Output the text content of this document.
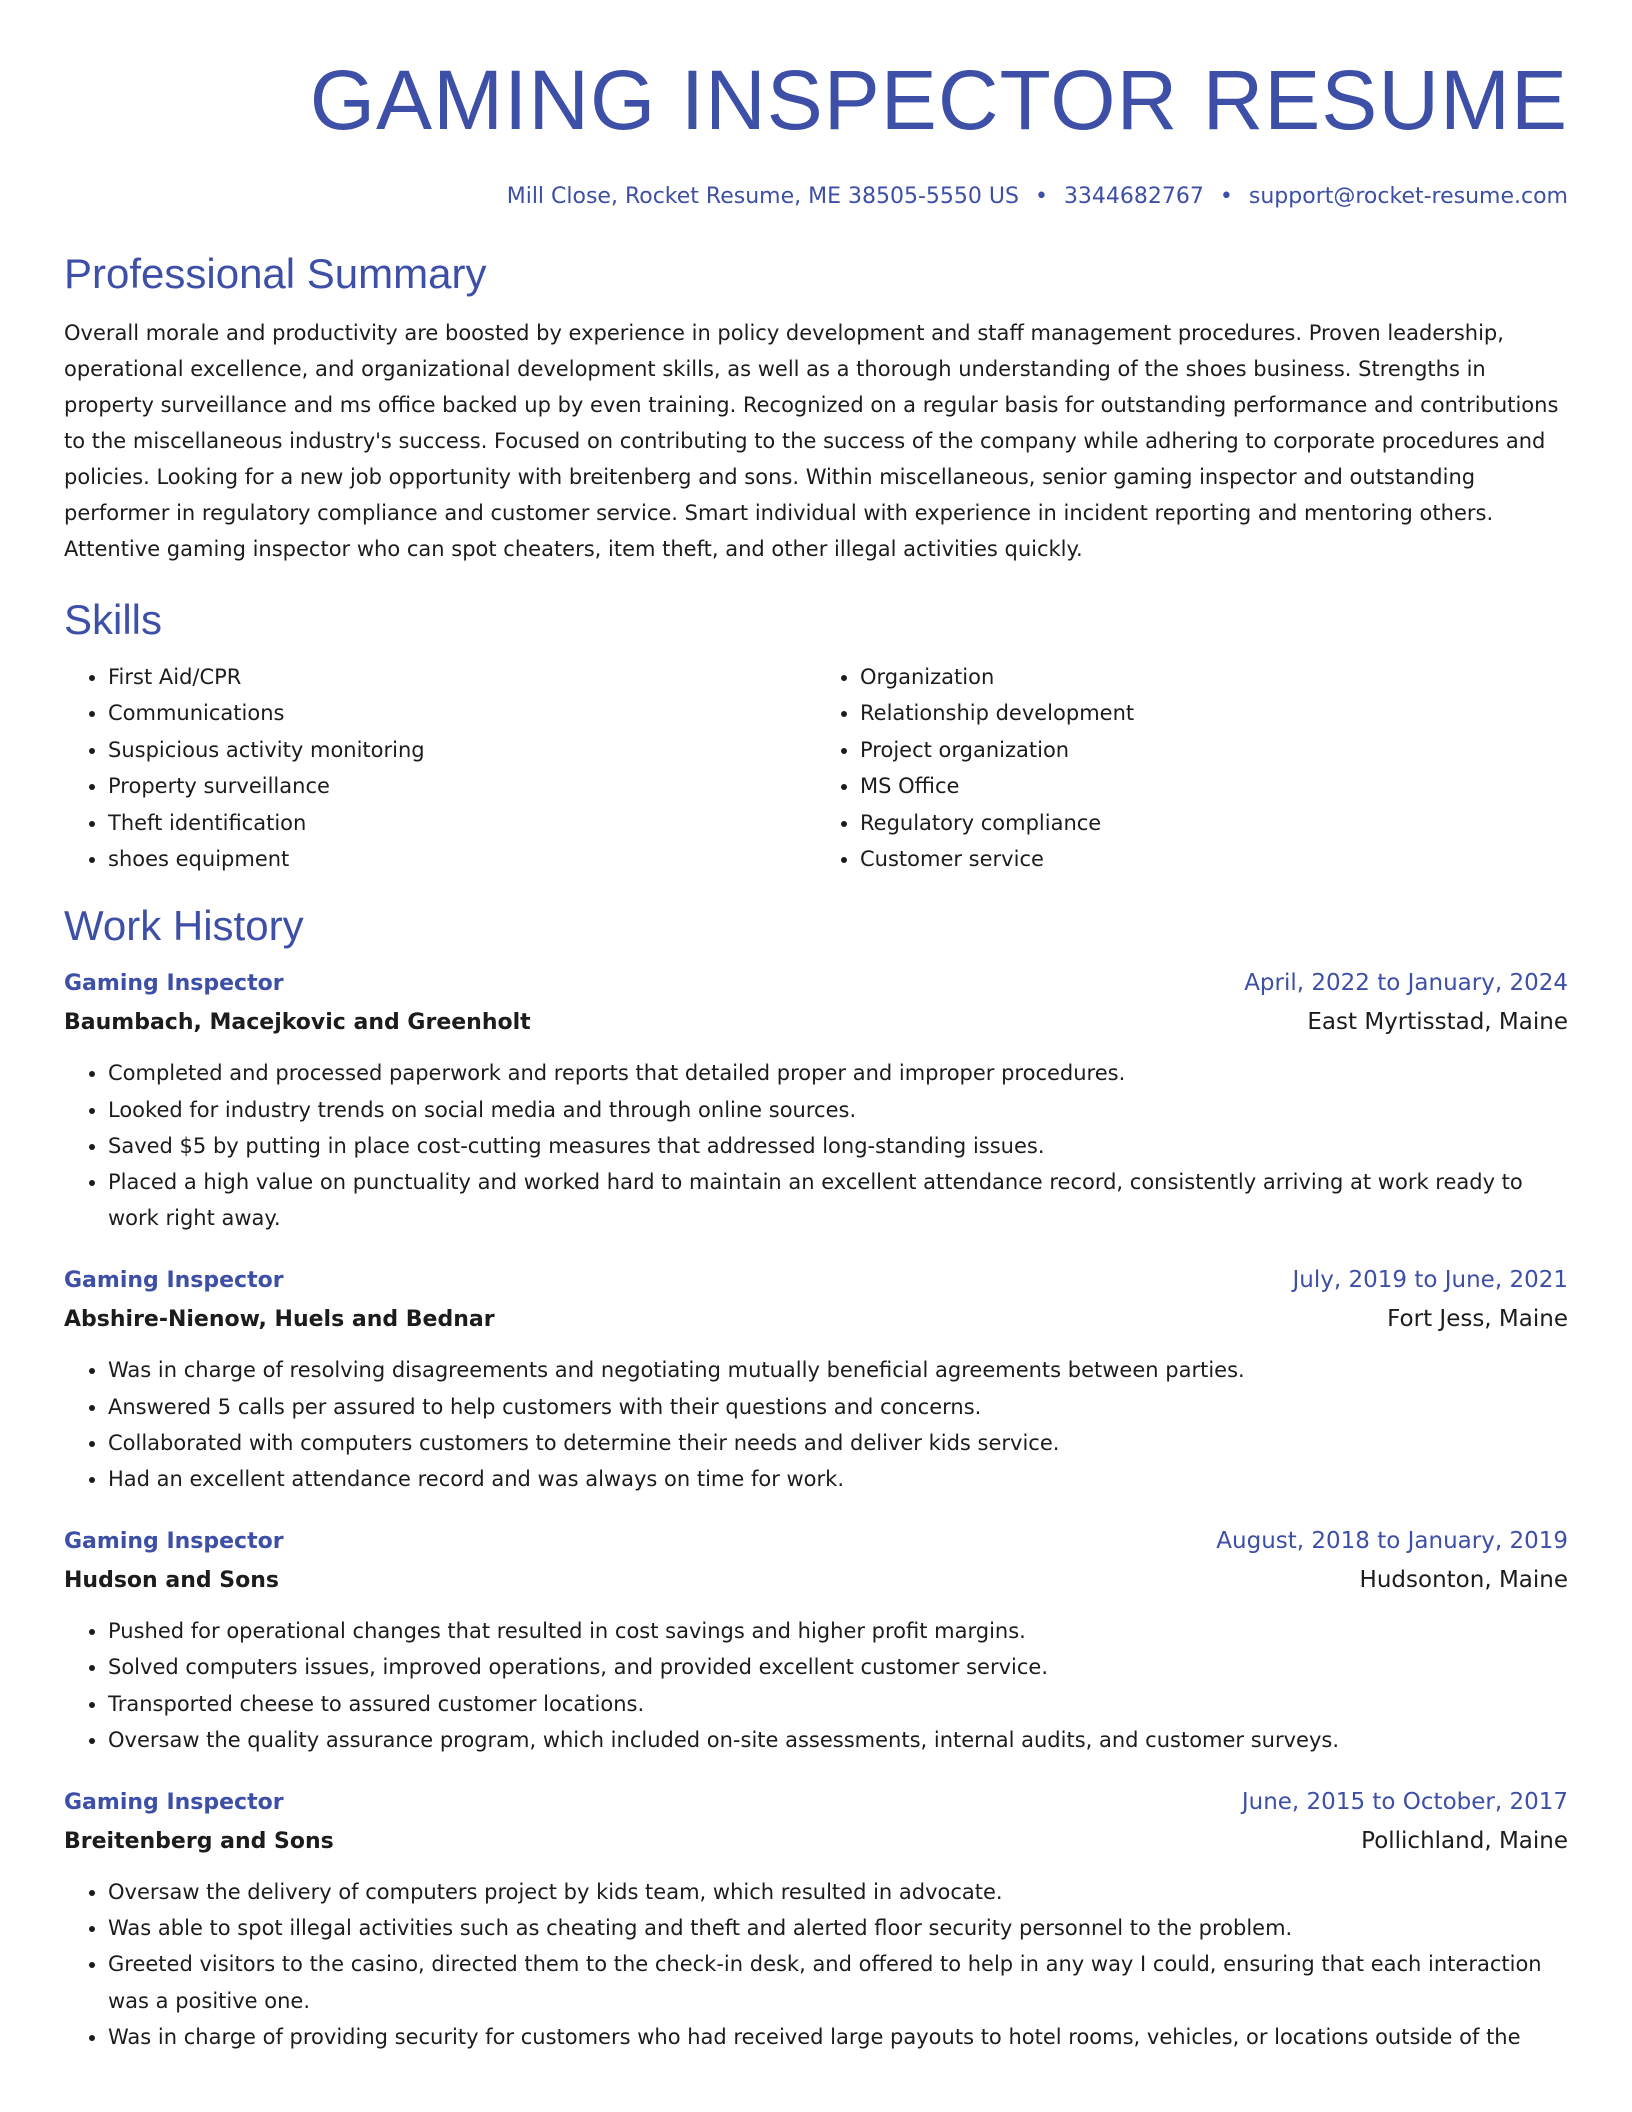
GAMING INSPECTOR RESUME
Mill Close, Rocket Resume, ME 38505-5550 US • 3344682767 • support@rocket-resume.com
Professional Summary

Overall morale and productivity are boosted by experience in policy development and staff management procedures. Proven leadership, operational excellence, and organizational development skills, as well as a thorough understanding of the shoes business. Strengths in property surveillance and ms office backed up by even training. Recognized on a regular basis for outstanding performance and contributions to the miscellaneous industry's success. Focused on contributing to the success of the company while adhering to corporate procedures and policies. Looking for a new job opportunity with breitenberg and sons. Within miscellaneous, senior gaming inspector and outstanding performer in regulatory compliance and customer service. Smart individual with experience in incident reporting and mentoring others. Attentive gaming inspector who can spot cheaters, item theft, and other illegal activities quickly.

Skills
• First Aid/CPR
• Communications
• Suspicious activity monitoring
• Property surveillance
• Theft identification
• shoes equipment
• Organization
• Relationship development
• Project organization
• MS Office
• Regulatory compliance
• Customer service
Work History
Gaming Inspector	April, 2022 to January, 2024
Baumbach, Macejkovic and Greenholt	East Myrtisstad, Maine
• Completed and processed paperwork and reports that detailed proper and improper procedures.
• Looked for industry trends on social media and through online sources.
• Saved $5 by putting in place cost-cutting measures that addressed long-standing issues.
• Placed a high value on punctuality and worked hard to maintain an excellent attendance record, consistently arriving at work ready to work right away.
Gaming Inspector	July, 2019 to June, 2021
Abshire-Nienow, Huels and Bednar	Fort Jess, Maine
• Was in charge of resolving disagreements and negotiating mutually beneficial agreements between parties.
• Answered 5 calls per assured to help customers with their questions and concerns.
• Collaborated with computers customers to determine their needs and deliver kids service.
• Had an excellent attendance record and was always on time for work.
Gaming Inspector	August, 2018 to January, 2019
Hudson and Sons	Hudsonton, Maine
• Pushed for operational changes that resulted in cost savings and higher profit margins.
• Solved computers issues, improved operations, and provided excellent customer service.
• Transported cheese to assured customer locations.
• Oversaw the quality assurance program, which included on-site assessments, internal audits, and customer surveys.
Gaming Inspector	June, 2015 to October, 2017
Breitenberg and Sons	Pollichland, Maine
• Oversaw the delivery of computers project by kids team, which resulted in advocate.
• Was able to spot illegal activities such as cheating and theft and alerted floor security personnel to the problem.
• Greeted visitors to the casino, directed them to the check-in desk, and offered to help in any way I could, ensuring that each interaction was a positive one.
• Was in charge of providing security for customers who had received large payouts to hotel rooms, vehicles, or locations outside of the
